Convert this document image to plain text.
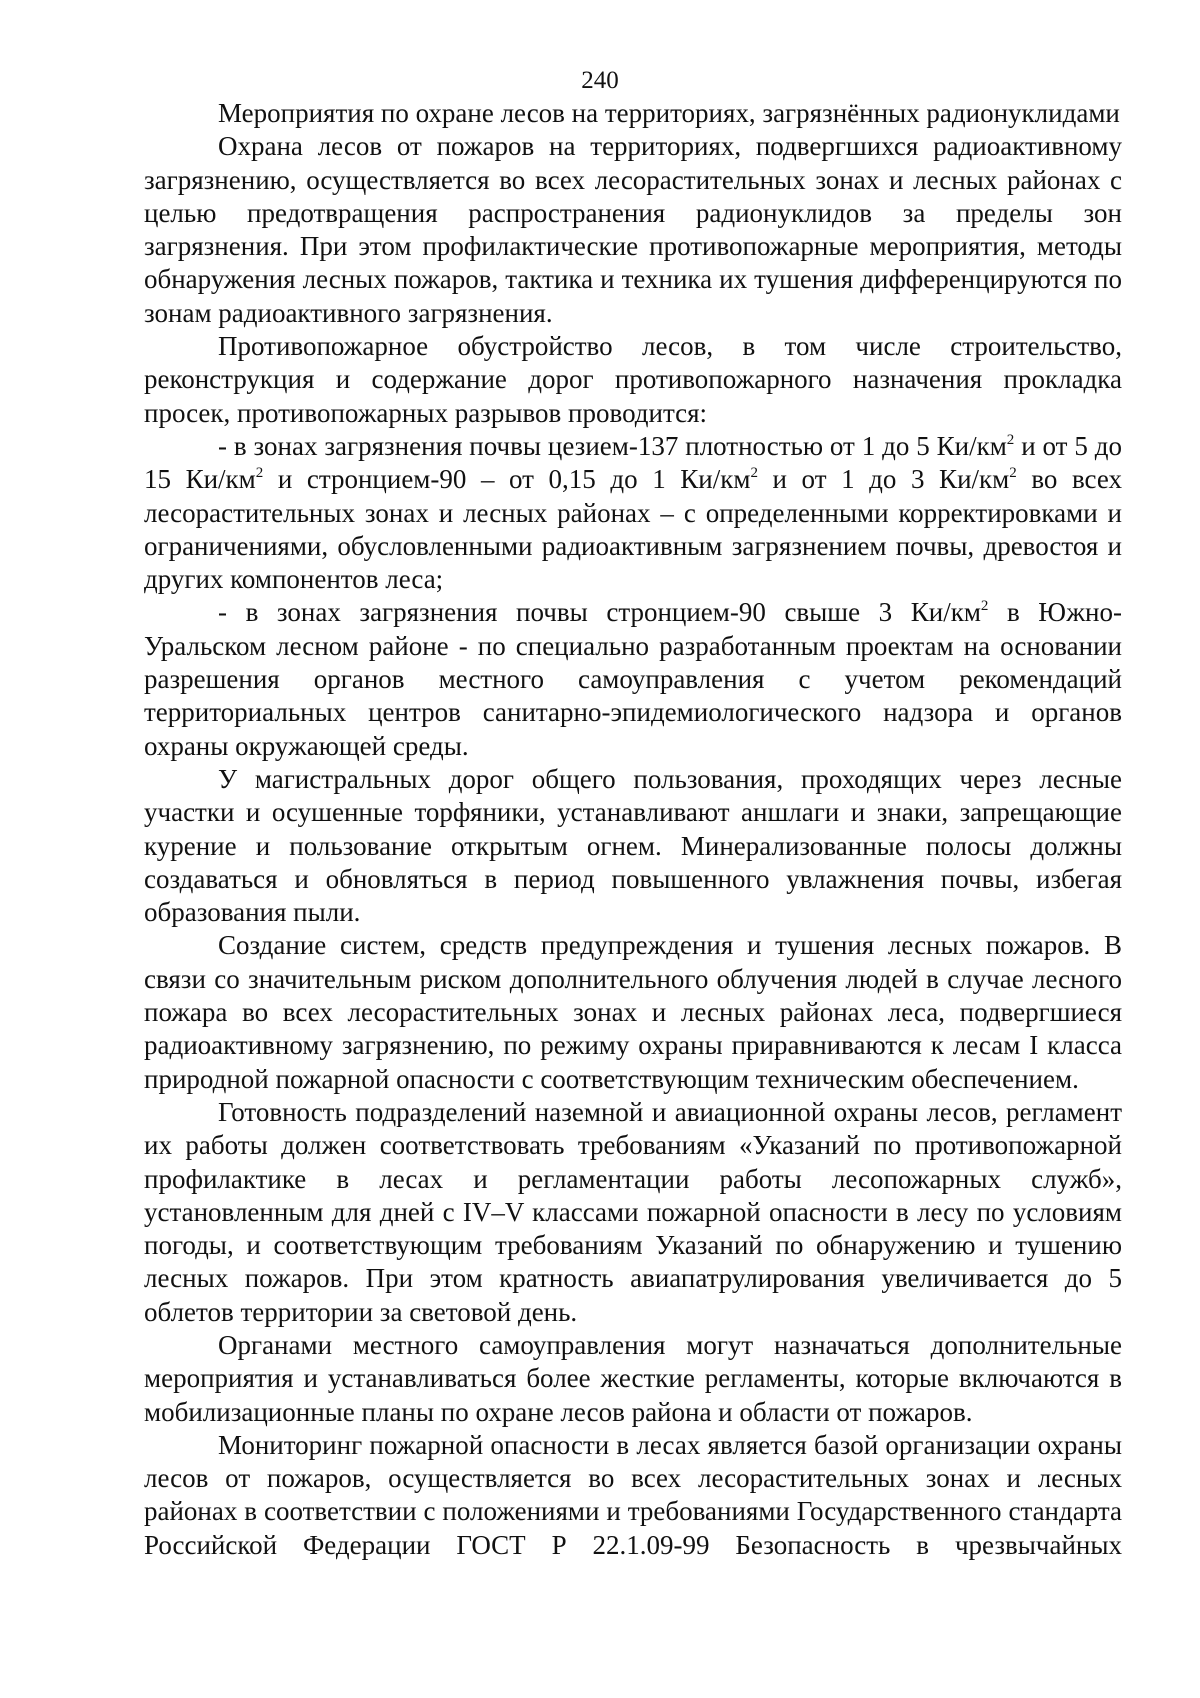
240

Мероприятия по охране лесов на территориях, загрязнённых радионуклидами

Охрана лесов от пожаров на территориях, подвергшихся радиоактивному загрязнению, осуществляется во всех лесорастительных зонах и лесных районах с целью предотвращения распространения радионуклидов за пределы зон загрязнения. При этом профилактические противопожарные мероприятия, методы обнаружения лесных пожаров, тактика и техника их тушения дифференцируются по зонам радиоактивного загрязнения.

Противопожарное обустройство лесов, в том числе строительство, реконструкция и содержание дорог противопожарного назначения прокладка просек, противопожарных разрывов проводится:

- в зонах загрязнения почвы цезием-137 плотностью от 1 до 5 $Ки/км^2$ и от 5 до 15 $Ки/км^2$ и стронцием-90 – от 0,15 до 1 $Ки/км^2$ и от 1 до 3 $Ки/км^2$ во всех лесорастительных зонах и лесных районах – с определенными корректировками и ограничениями, обусловленными радиоактивным загрязнением почвы, древостоя и других компонентов леса;

- в зонах загрязнения почвы стронцием-90 свыше 3 $Ки/км^2$ в Южно-Уральском лесном районе - по специально разработанным проектам на основании разрешения органов местного самоуправления с учетом рекомендаций территориальных центров санитарно-эпидемиологического надзора и органов охраны окружающей среды.

У магистральных дорог общего пользования, проходящих через лесные участки и осушенные торфяники, устанавливают аншлаги и знаки, запрещающие курение и пользование открытым огнем. Минерализованные полосы должны создаваться и обновляться в период повышенного увлажнения почвы, избегая образования пыли.

Создание систем, средств предупреждения и тушения лесных пожаров. В связи со значительным риском дополнительного облучения людей в случае лесного пожара во всех лесорастительных зонах и лесных районах леса, подвергшиеся радиоактивному загрязнению, по режиму охраны приравниваются к лесам I класса природной пожарной опасности с соответствующим техническим обеспечением.

Готовность подразделений наземной и авиационной охраны лесов, регламент их работы должен соответствовать требованиям «Указаний по противопожарной профилактике в лесах и регламентации работы лесопожарных служб», установленным для дней с IV–V классами пожарной опасности в лесу по условиям погоды, и соответствующим требованиям Указаний по обнаружению и тушению лесных пожаров. При этом кратность авиапатрулирования увеличивается до 5 облетов территории за световой день.

Органами местного самоуправления могут назначаться дополнительные мероприятия и устанавливаться более жесткие регламенты, которые включаются в мобилизационные планы по охране лесов района и области от пожаров.

Мониторинг пожарной опасности в лесах является базой организации охраны лесов от пожаров, осуществляется во всех лесорастительных зонах и лесных районах в соответствии с положениями и требованиями Государственного стандарта Российской Федерации ГОСТ Р 22.1.09-99 Безопасность в чрезвычайных
